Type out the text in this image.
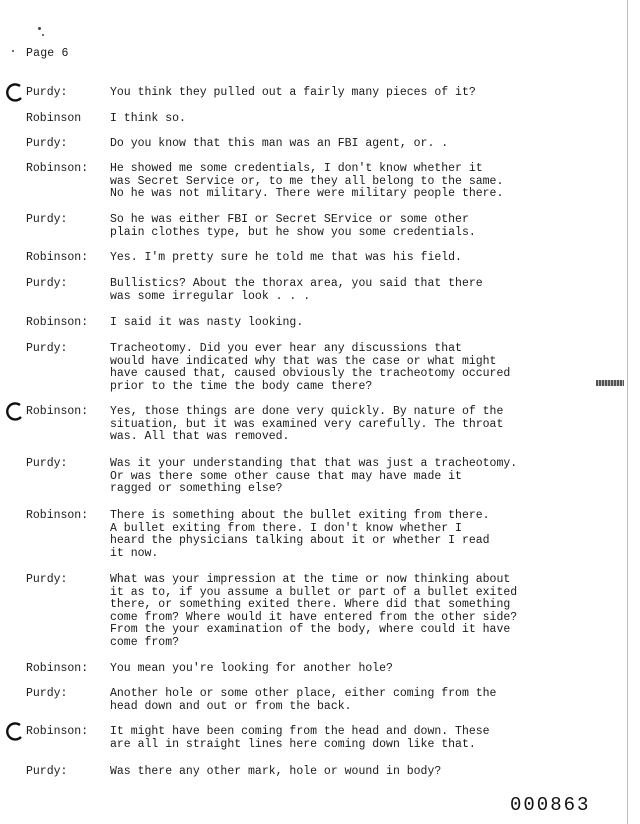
Page 6
Purdy:	You think they pulled out a fairly many pieces of it?
Robinson	I think so.
Purdy:	Do you know that this man was an FBI agent, or. .
Robinson: He showed me some credentials, I don't know whether it
was Secret Service or, to me they all belong to the same.
No he was not military. There were military people there.
Purdy:	So he was either FBI or Secret SErvice or some other
plain clothes type, but he show you some credentials.
Robinson: Yes. I'm pretty sure he told me that was his field.
Purdy:	Bullistics? About the thorax area, you said that there
was some irregular look . . .
Robinson: I said it was nasty looking.
Purdy:	Tracheotomy. Did you ever hear any discussions that
would have indicated why that was the case or what might
have caused that, caused obviously the tracheotomy occured
prior to the time the body came there?
Robinson: Yes, those things are done very quickly. By nature of the
situation, but it was examined very carefully. The throat
was. All that was removed.
Purdy:	Was it your understanding that that was just a tracheotomy.
Or was there some other cause that may have made it
ragged or something else?
Robinson: There is something about the bullet exiting from there.
A bullet exiting from there. I don't know whether I
heard the physicians talking about it or whether I read
it now.
Purdy:	What was your impression at the time or now thinking about
it as to, if you assume a bullet or part of a bullet exited
there, or something exited there. Where did that something
come from? Where would it have entered from the other side?
From the your examination of the body, where could it have
come from?
Robinson: You mean you're looking for another hole?
Purdy:	Another hole or some other place, either coming from the
head down and out or from the back.
Robinson: It might have been coming from the head and down. These
are all in straight lines here coming down like that.
Purdy:	Was there any other mark, hole or wound in body?
000863
